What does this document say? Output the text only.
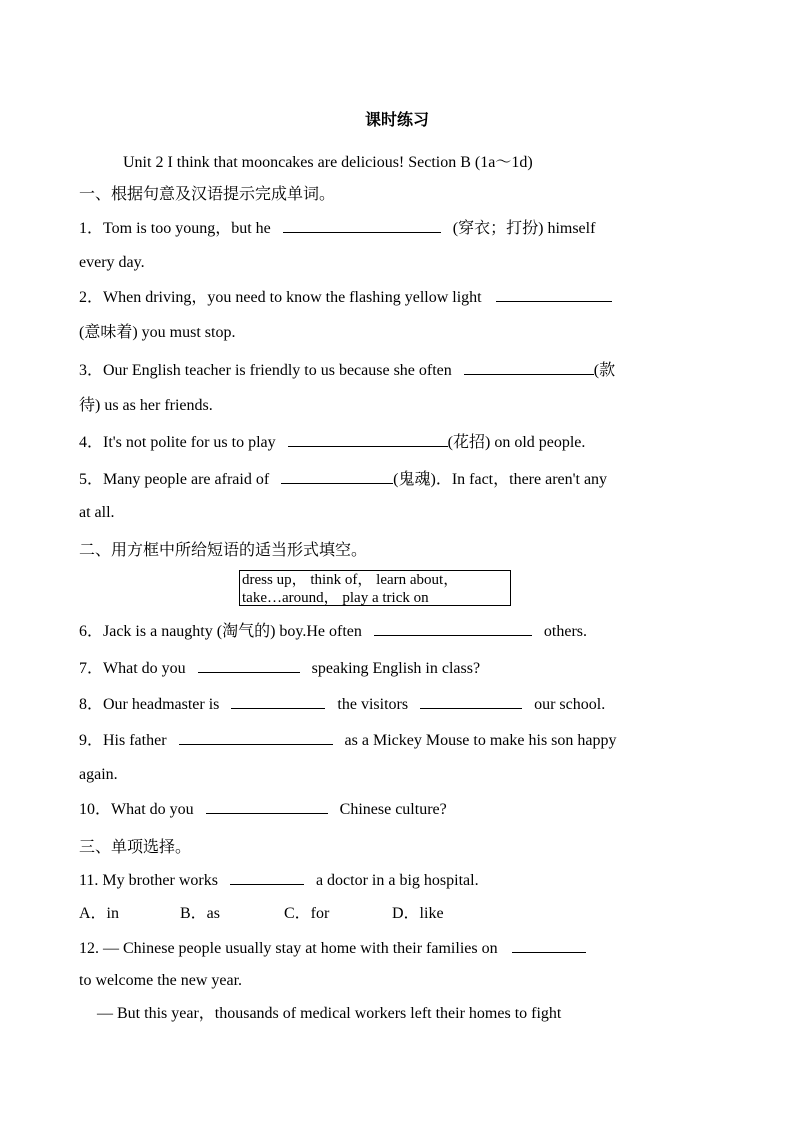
课时练习
Unit 2 I think that mooncakes are delicious! Section B (1a～1d)
一、根据句意及汉语提示完成单词。
1．Tom is too young，but he	(穿衣；打扮) himself
every day.
2．When driving，you need to know the flashing yellow light
(意味着) you must stop.
3．Our English teacher is friendly to us because she often	(款
待) us as her friends.
4．It's not polite for us to play	(花招) on old people.
5．Many people are afraid of	(鬼魂)．In fact，there aren't any
at all.
二、用方框中所给短语的适当形式填空。
dress up， think of， learn about，
take…around， play a trick on
6．Jack is a naughty (淘气的) boy.He often	others.
7．What do you	speaking English in class?
8．Our headmaster is	the visitors	our school.
9．His father	as a Mickey Mouse to make his son happy
again.
10．What do you	Chinese culture?
三、单项选择。
11. My brother works	a doctor in a big hospital.
A．in	B．as	C．for	D．like
12. — Chinese people usually stay at home with their families on
to welcome the new year.
— But this year，thousands of medical workers left their homes to fight
